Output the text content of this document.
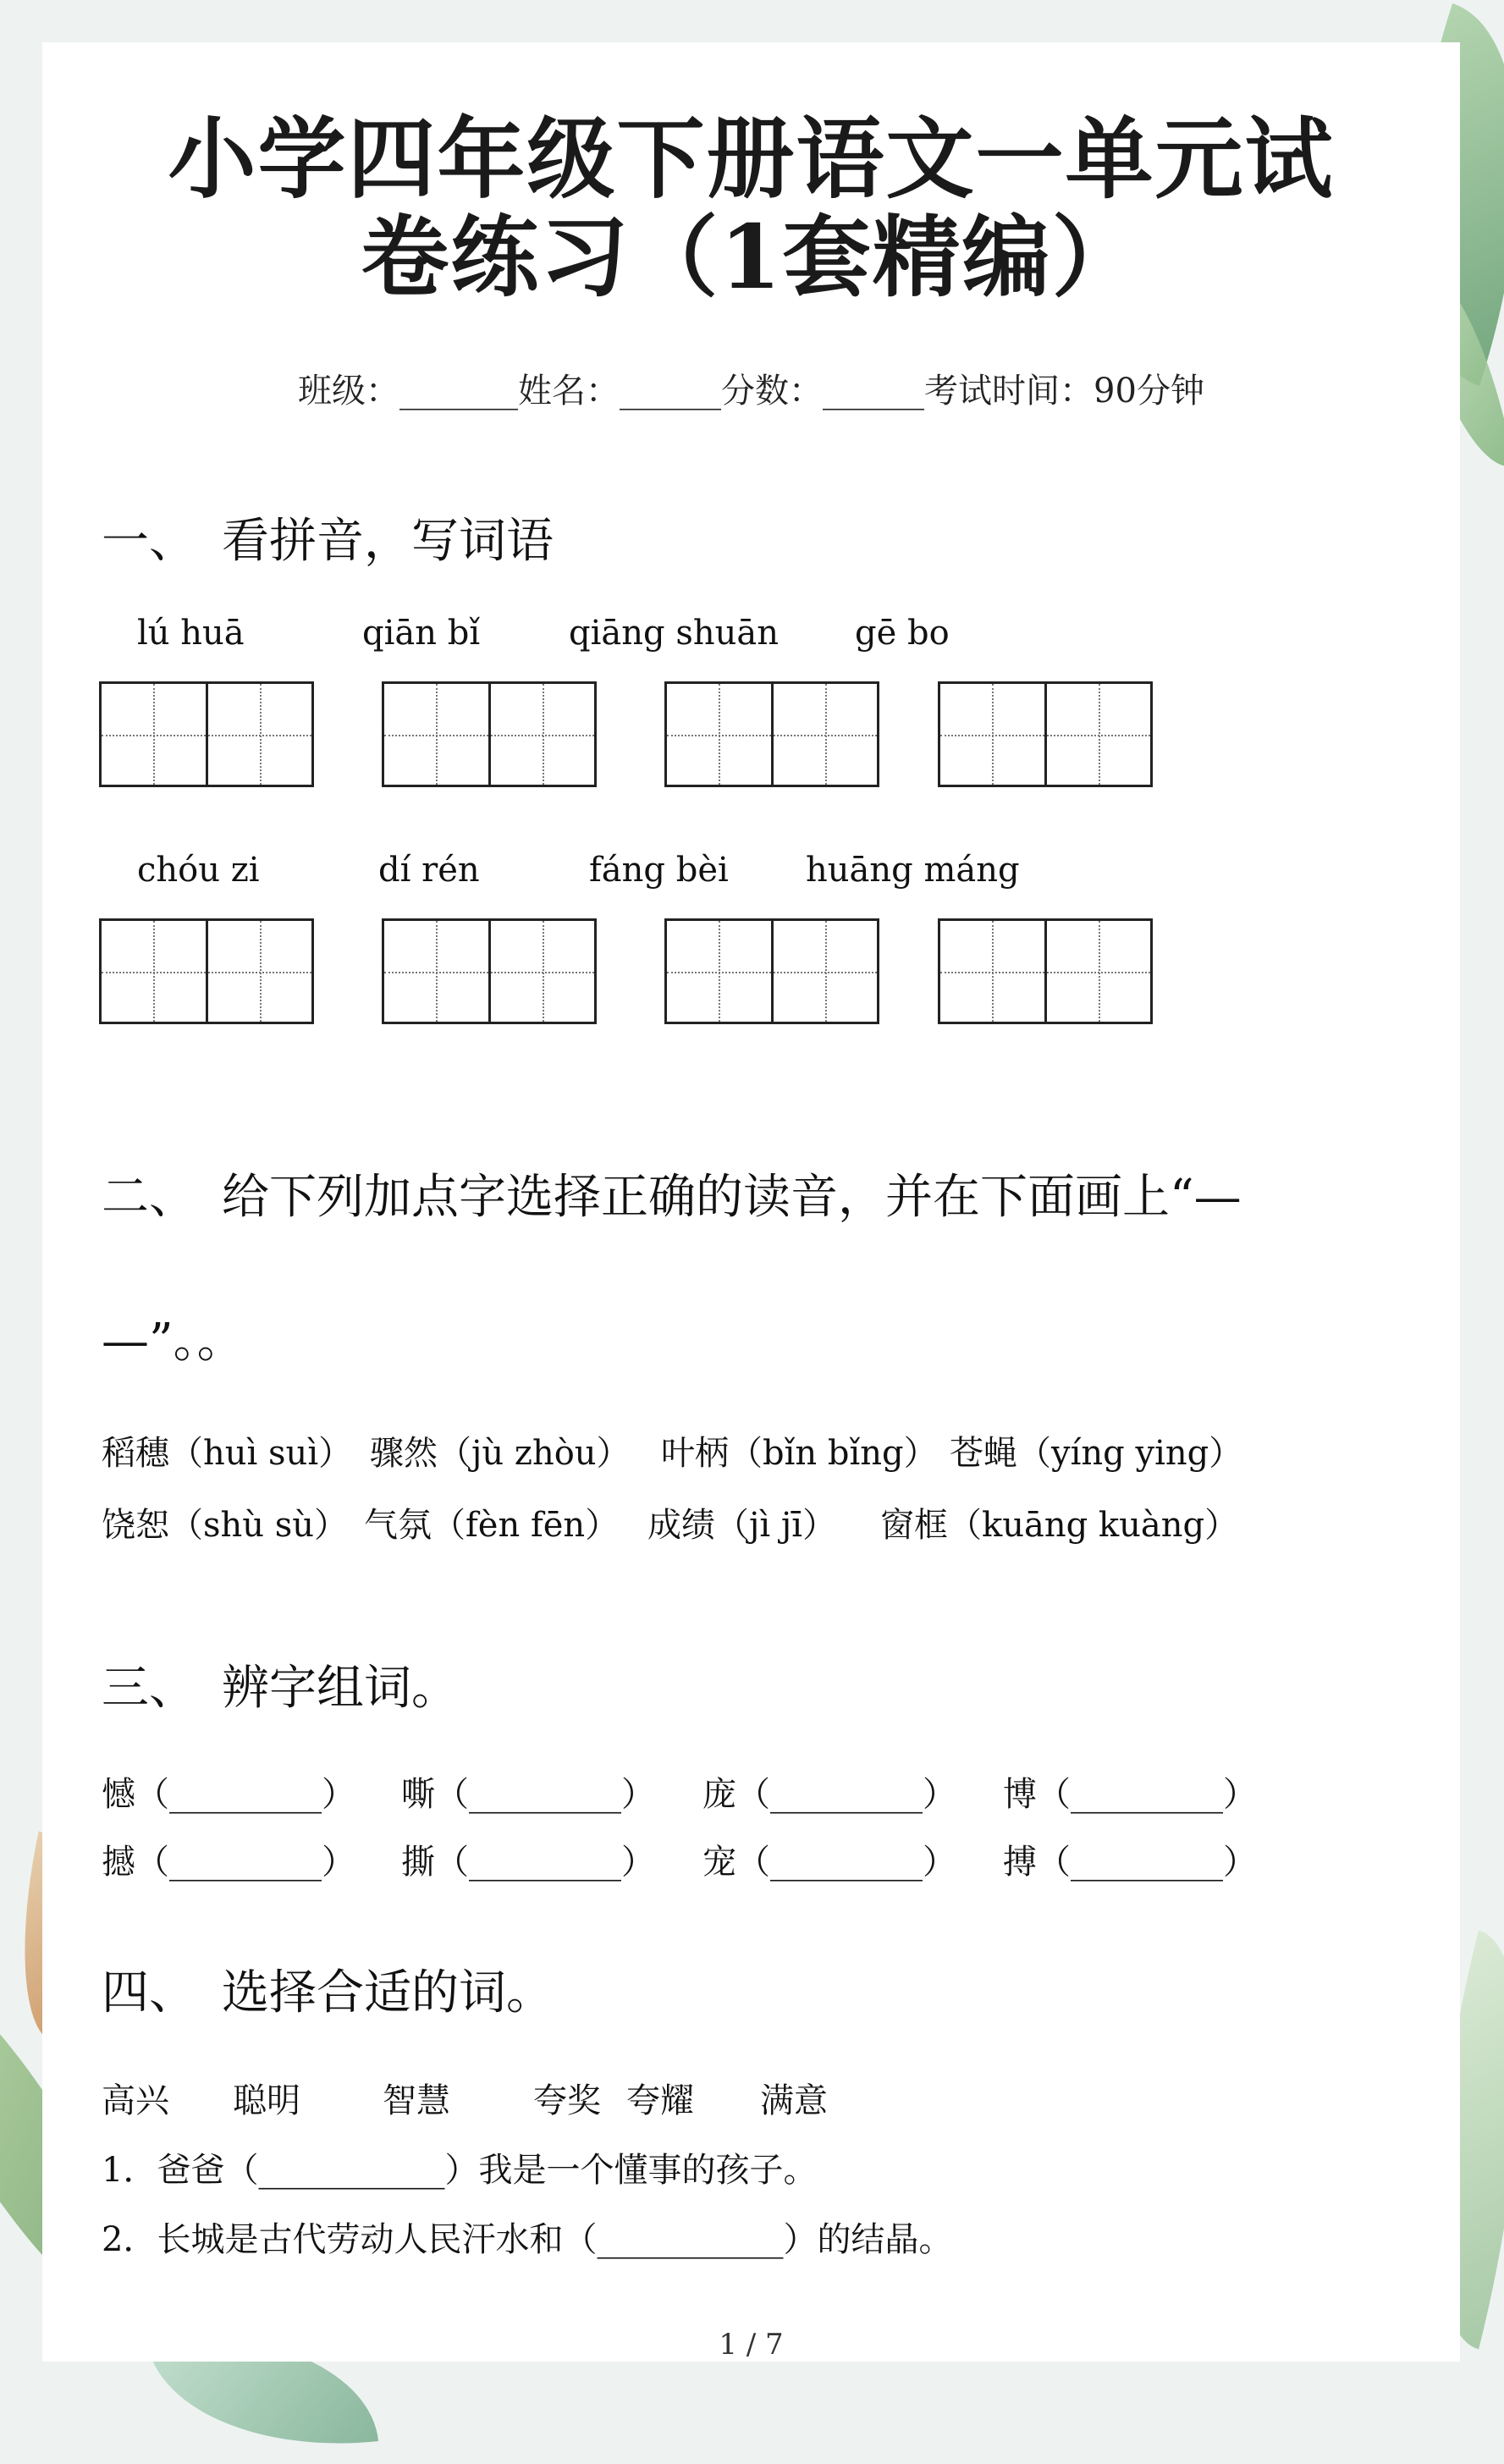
小学四年级下册语文一单元试
卷练习（1套精编）
班级：_______姓名：______分数：______考试时间：90分钟
一、 看拼音，写词语
lú huā	qiān bǐ	qiāng shuān gē bo
chóu zi	dí rén	fáng bèi huāng máng
二、 给下列加点字选择正确的读音，并在下面画上“—
—”。。
稻穗（huì suì） 骤然（jù zhòu） 叶柄（bǐn bǐng） 苍蝇（yíng ying）
饶恕（shù sù） 气氛（fèn fēn） 成绩（jì jī） 窗框（kuāng kuàng）
三、 辨字组词。
憾（_________） 嘶（_________） 庞（_________） 博（_________）
撼（_________） 撕（_________） 宠（_________） 搏（_________）
四、 选择合适的词。
高兴 聪明 智慧 夸奖 夸耀 满意
1．爸爸（___________）我是一个懂事的孩子。
2．长城是古代劳动人民汗水和（___________）的结晶。
1 / 7
